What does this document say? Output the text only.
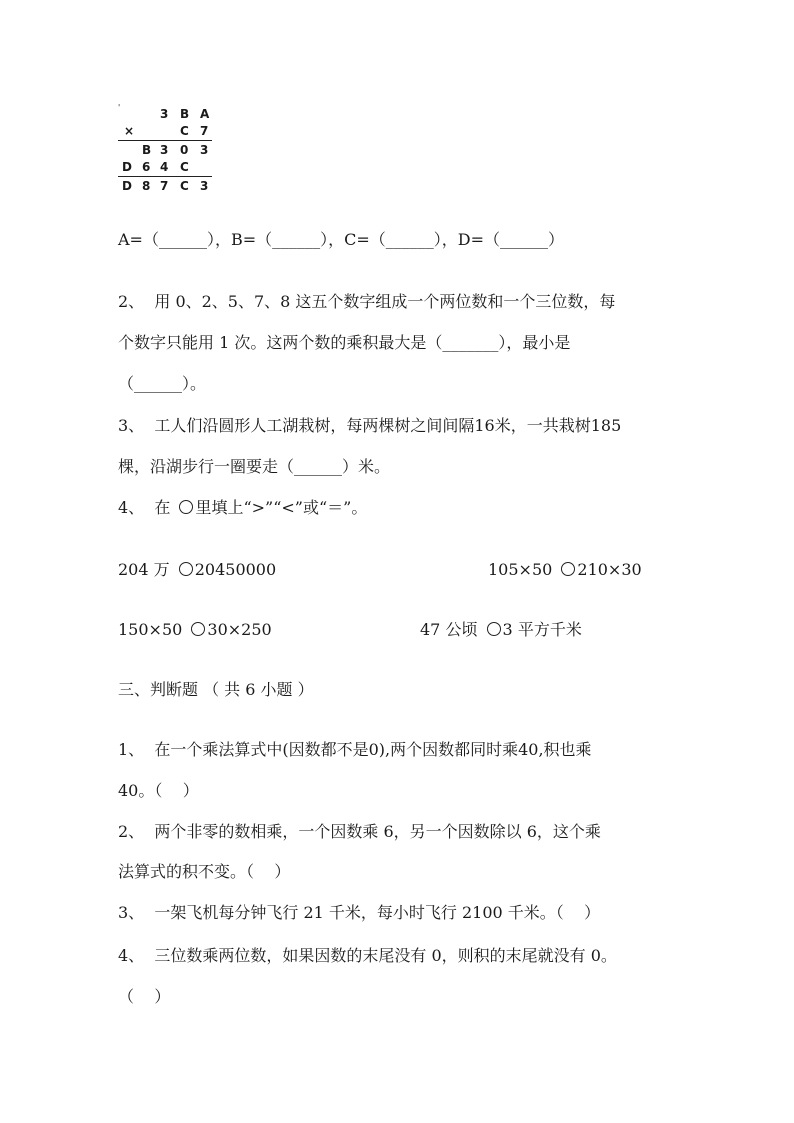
'	3 B A
×	C 7
B 3 0 3
D 6 4 C
D 8 7 C 3
A=（______），B=（______），C=（______），D=（______）
2、  用 0、2、5、7、8 这五个数字组成一个两位数和一个三位数，每
个数字只能用 1 次。这两个数的乘积最大是（_______），最小是
（______）。
3、  工人们沿圆形人工湖栽树，每两棵树之间间隔16米，一共栽树185
棵，沿湖步行一圈要走（______）米。
4、  在 里填上“>”“<”或“＝”。
204 万 20450000	105×50 210×30
150×50 30×250	47 公顷 3 平方千米
三、判断题 （ 共 6 小题 ）
1、  在一个乘法算式中(因数都不是0),两个因数都同时乘40,积也乘
40。（    ）
2、  两个非零的数相乘，一个因数乘 6，另一个因数除以 6，这个乘
法算式的积不变。（    ）
3、  一架飞机每分钟飞行 21 千米，每小时飞行 2100 千米。（    ）
4、  三位数乘两位数，如果因数的末尾没有 0，则积的末尾就没有 0。
（    ）
